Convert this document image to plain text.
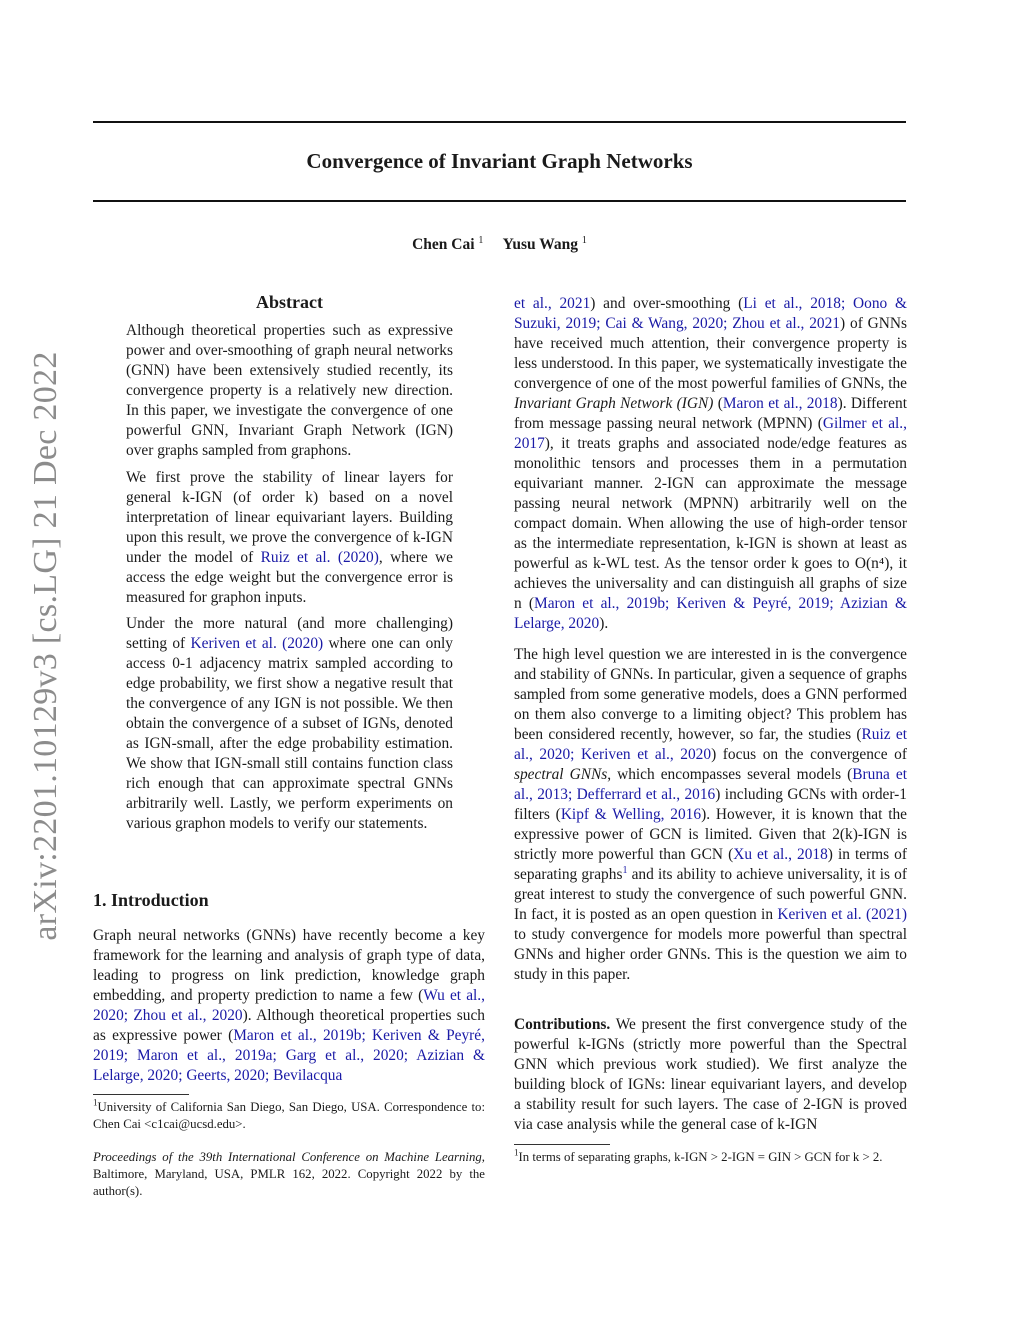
Convergence of Invariant Graph Networks
Chen Cai $^1$ Yusu Wang $^1$
arXiv:2201.10129v3 [cs.LG] 21 Dec 2022
Abstract
Although theoretical properties such as expressive power and over-smoothing of graph neural networks (GNN) have been extensively studied recently, its convergence property is a relatively new direction. In this paper, we investigate the convergence of one powerful GNN, Invariant Graph Network (IGN) over graphs sampled from graphons.
We first prove the stability of linear layers for general k-IGN (of order k) based on a novel interpretation of linear equivariant layers. Building upon this result, we prove the convergence of k-IGN under the model of Ruiz et al. (2020), where we access the edge weight but the convergence error is measured for graphon inputs.
Under the more natural (and more challenging) setting of Keriven et al. (2020) where one can only access 0-1 adjacency matrix sampled according to edge probability, we first show a negative result that the convergence of any IGN is not possible. We then obtain the convergence of a subset of IGNs, denoted as IGN-small, after the edge probability estimation. We show that IGN-small still contains function class rich enough that can approximate spectral GNNs arbitrarily well. Lastly, we perform experiments on various graphon models to verify our statements.
1. Introduction

Graph neural networks (GNNs) have recently become a key framework for the learning and analysis of graph type of data, leading to progress on link prediction, knowledge graph embedding, and property prediction to name a few (Wu et al., 2020; Zhou et al., 2020). Although theoretical properties such as expressive power (Maron et al., 2019b; Keriven & Peyré, 2019; Maron et al., 2019a; Garg et al., 2020; Azizian & Lelarge, 2020; Geerts, 2020; Bevilacqua

$^1$University of California San Diego, San Diego, USA. Correspondence to: Chen Cai <c1cai@ucsd.edu>.
Proceedings of the 39th International Conference on Machine Learning, Baltimore, Maryland, USA, PMLR 162, 2022. Copyright 2022 by the author(s).

et al., 2021) and over-smoothing (Li et al., 2018; Oono & Suzuki, 2019; Cai & Wang, 2020; Zhou et al., 2021) of GNNs have received much attention, their convergence property is less understood. In this paper, we systematically investigate the convergence of one of the most powerful families of GNNs, the Invariant Graph Network (IGN) (Maron et al., 2018). Different from message passing neural network (MPNN) (Gilmer et al., 2017), it treats graphs and associated node/edge features as monolithic tensors and processes them in a permutation equivariant manner. 2-IGN can approximate the message passing neural network (MPNN) arbitrarily well on the compact domain. When allowing the use of high-order tensor as the intermediate representation, k-IGN is shown at least as powerful as k-WL test. As the tensor order k goes to O(n⁴), it achieves the universality and can distinguish all graphs of size n (Maron et al., 2019b; Keriven & Peyré, 2019; Azizian & Lelarge, 2020).

The high level question we are interested in is the convergence and stability of GNNs. In particular, given a sequence of graphs sampled from some generative models, does a GNN performed on them also converge to a limiting object? This problem has been considered recently, however, so far, the studies (Ruiz et al., 2020; Keriven et al., 2020) focus on the convergence of spectral GNNs, which encompasses several models (Bruna et al., 2013; Defferrard et al., 2016) including GCNs with order-1 filters (Kipf & Welling, 2016). However, it is known that the expressive power of GCN is limited. Given that 2(k)-IGN is strictly more powerful than GCN (Xu et al., 2018) in terms of separating graphs$^1$ and its ability to achieve universality, it is of great interest to study the convergence of such powerful GNN. In fact, it is posted as an open question in Keriven et al. (2021) to study convergence for models more powerful than spectral GNNs and higher order GNNs. This is the question we aim to study in this paper.

Contributions. We present the first convergence study of the powerful k-IGNs (strictly more powerful than the Spectral GNN which previous work studied). We first analyze the building block of IGNs: linear equivariant layers, and develop a stability result for such layers. The case of 2-IGN is proved via case analysis while the general case of k-IGN

$^1$In terms of separating graphs, k-IGN > 2-IGN = GIN > GCN for k > 2.
